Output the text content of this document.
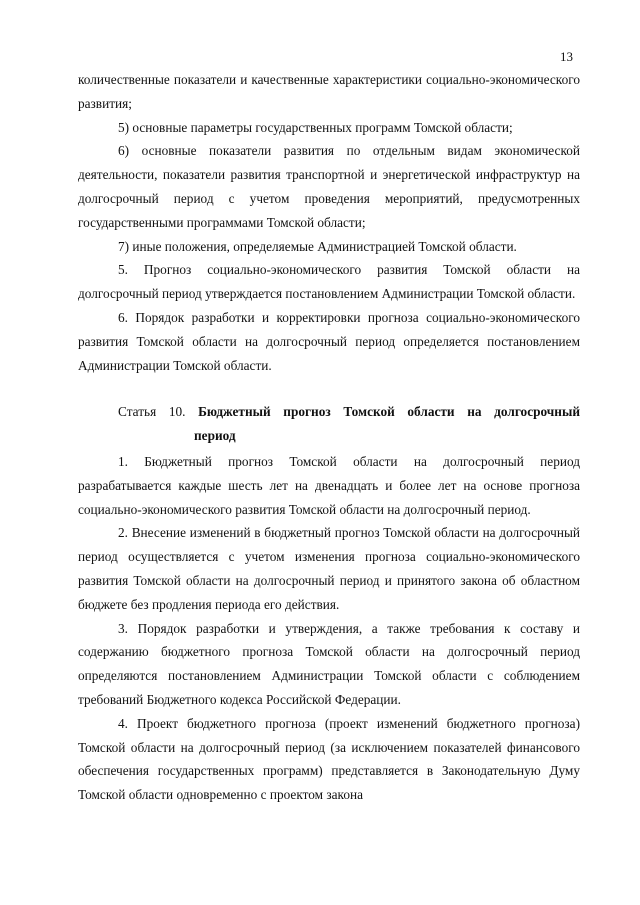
13

количественные показатели и качественные характеристики социально-экономического развития;

5) основные параметры государственных программ Томской области;

6) основные показатели развития по отдельным видам экономической деятельности, показатели развития транспортной и энергетической инфраструктур на долгосрочный период с учетом проведения мероприятий, предусмотренных государственными программами Томской области;

7) иные положения, определяемые Администрацией Томской области.

5. Прогноз социально-экономического развития Томской области на долгосрочный период утверждается постановлением Администрации Томской области.

6. Порядок разработки и корректировки прогноза социально-экономического развития Томской области на долгосрочный период определяется постановлением Администрации Томской области.

Статья 10. Бюджетный прогноз Томской области на долгосрочный
период

1. Бюджетный прогноз Томской области на долгосрочный период разрабатывается каждые шесть лет на двенадцать и более лет на основе прогноза социально-экономического развития Томской области на долгосрочный период.

2. Внесение изменений в бюджетный прогноз Томской области на долгосрочный период осуществляется с учетом изменения прогноза социально-экономического развития Томской области на долгосрочный период и принятого закона об областном бюджете без продления периода его действия.

3. Порядок разработки и утверждения, а также требования к составу и содержанию бюджетного прогноза Томской области на долгосрочный период определяются постановлением Администрации Томской области с соблюдением требований Бюджетного кодекса Российской Федерации.

4. Проект бюджетного прогноза (проект изменений бюджетного прогноза) Томской области на долгосрочный период (за исключением показателей финансового обеспечения государственных программ) представляется в Законодательную Думу Томской области одновременно с проектом закона
